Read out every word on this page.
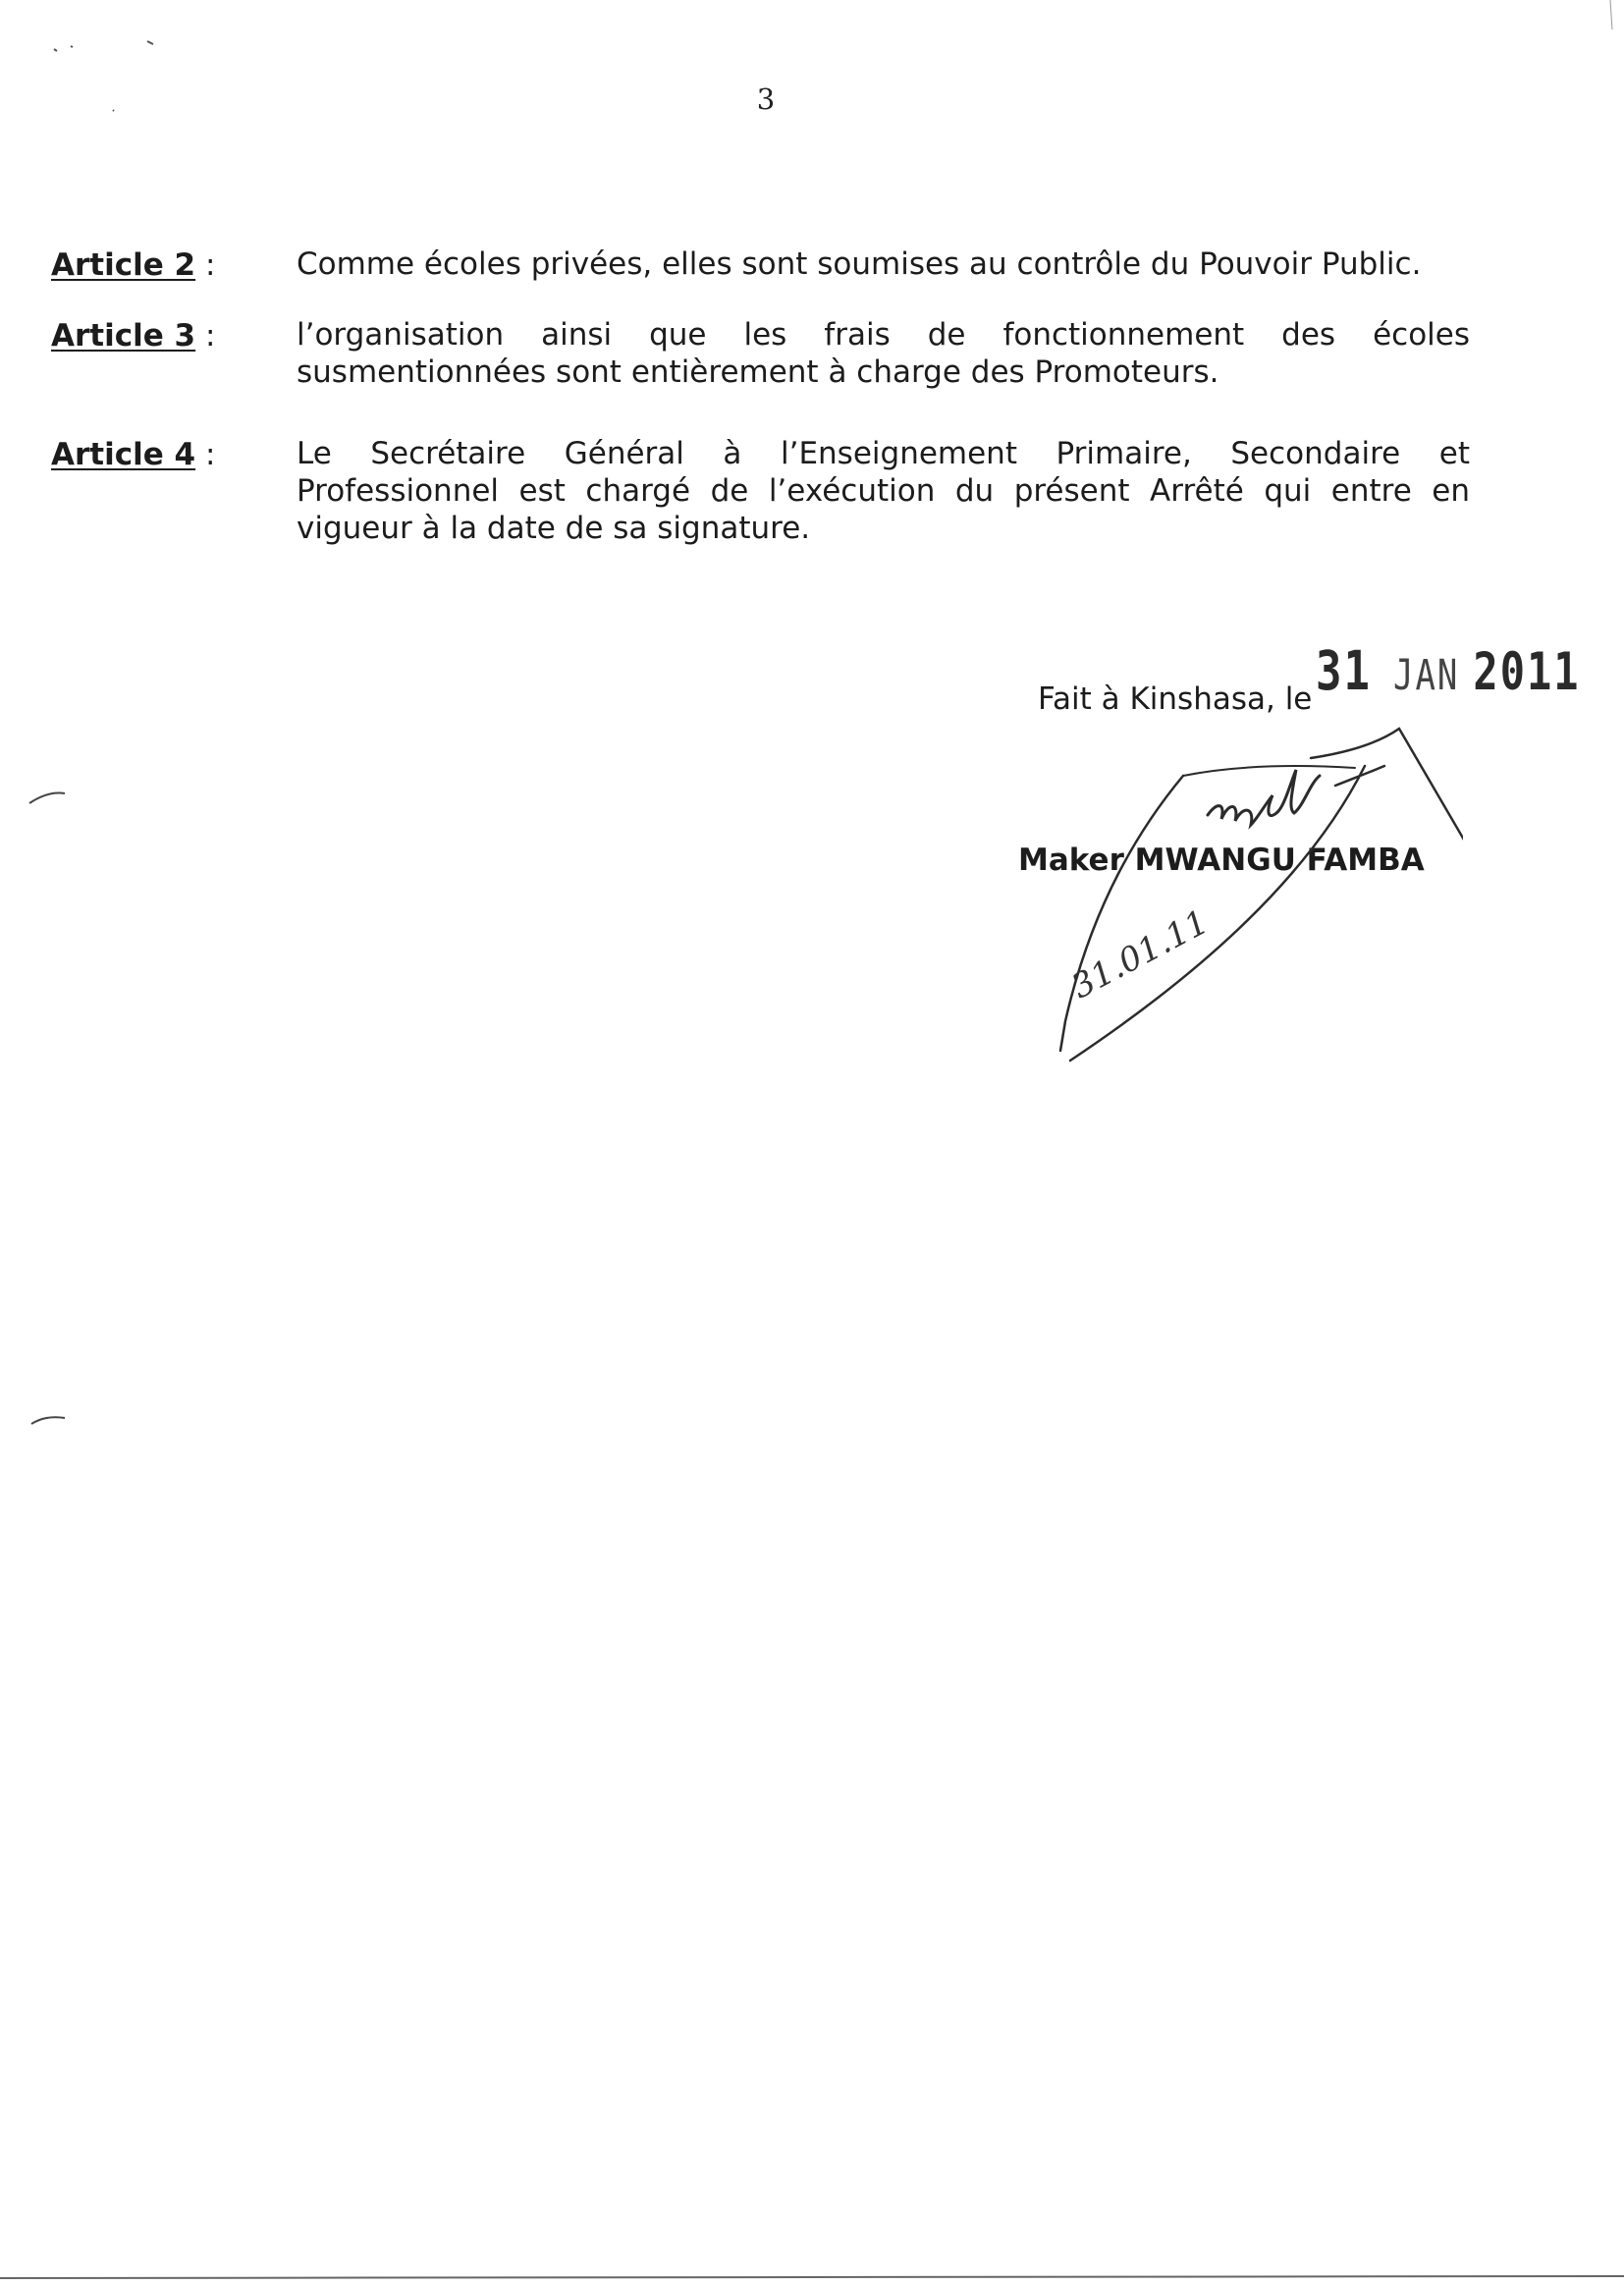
3
Article 2 :	Comme écoles privées, elles sont soumises au contrôle du Pouvoir Public.
Article 3 :	l’organisation ainsi que les frais de fonctionnement des écoles susmentionnées sont entièrement à charge des Promoteurs.
Article 4 :	Le Secrétaire Général à l’Enseignement Primaire, Secondaire et Professionnel est chargé de l’exécution du présent Arrêté qui entre en vigueur à la date de sa signature.
Fait à Kinshasa, le 31 JAN 2011
Maker MWANGU FAMBA
31.01.11
